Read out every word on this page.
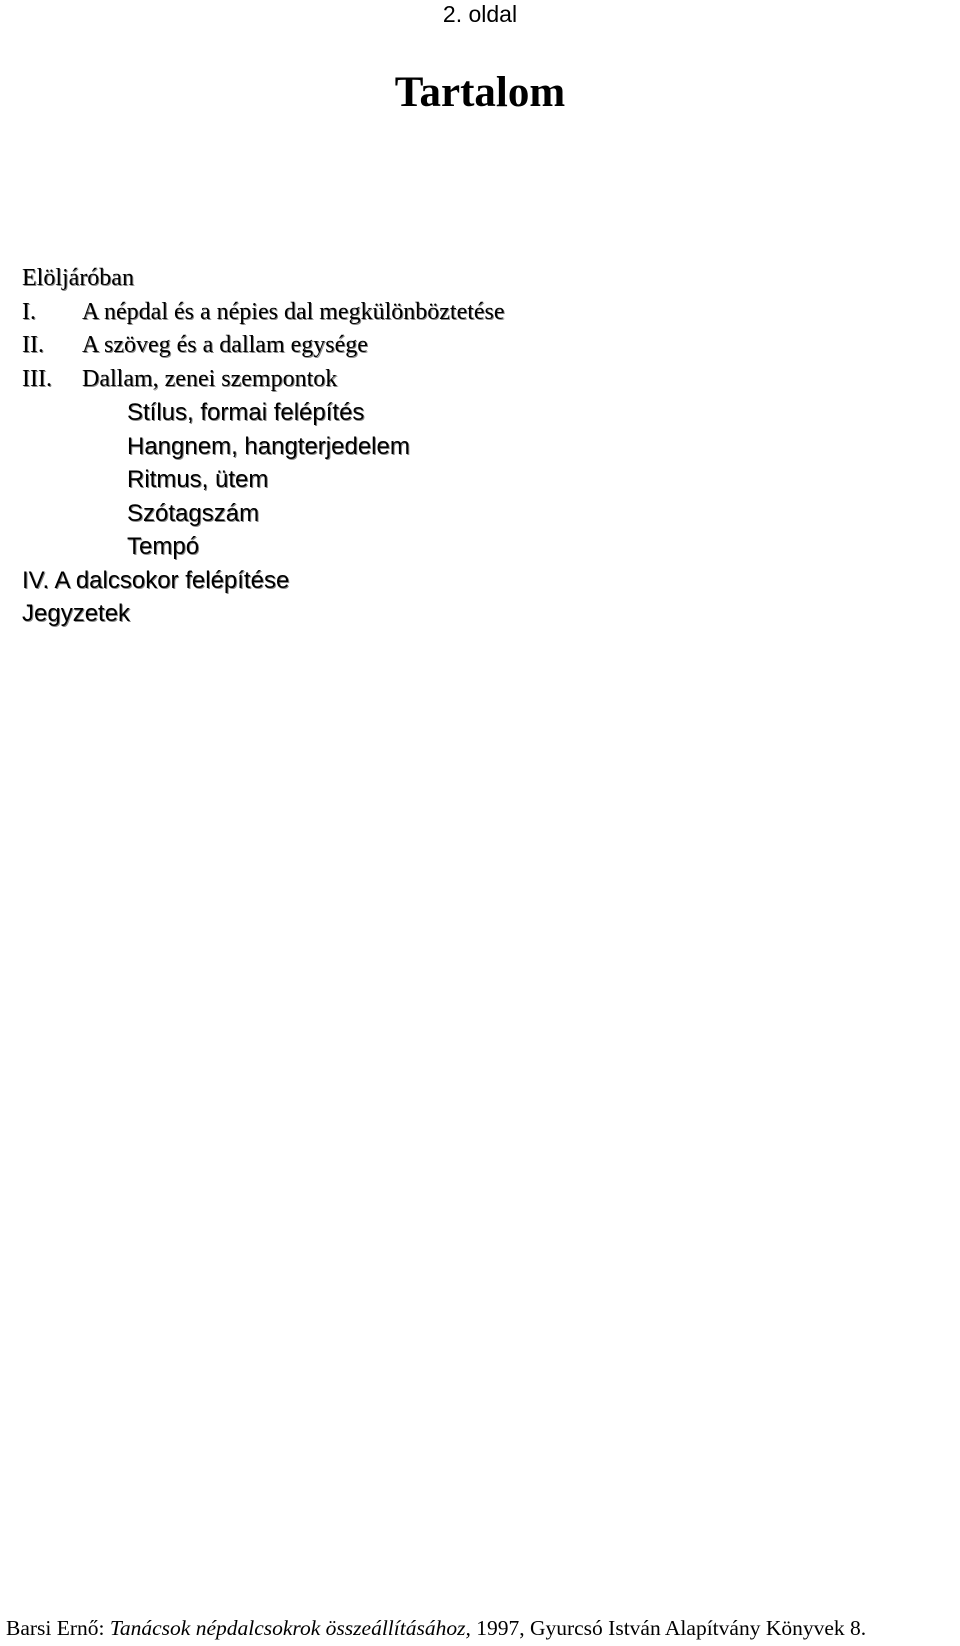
2. oldal
Tartalom
Elöljáróban
I. A népdal és a népies dal megkülönböztetése
II. A szöveg és a dallam egysége
III. Dallam, zenei szempontok
Stílus, formai felépítés
Hangnem, hangterjedelem
Ritmus, ütem
Szótagszám
Tempó
IV. A dalcsokor felépítése
Jegyzetek
Barsi Ernő: Tanácsok népdalcsokrok összeállításához, 1997, Gyurcsó István Alapítvány Könyvek 8.
